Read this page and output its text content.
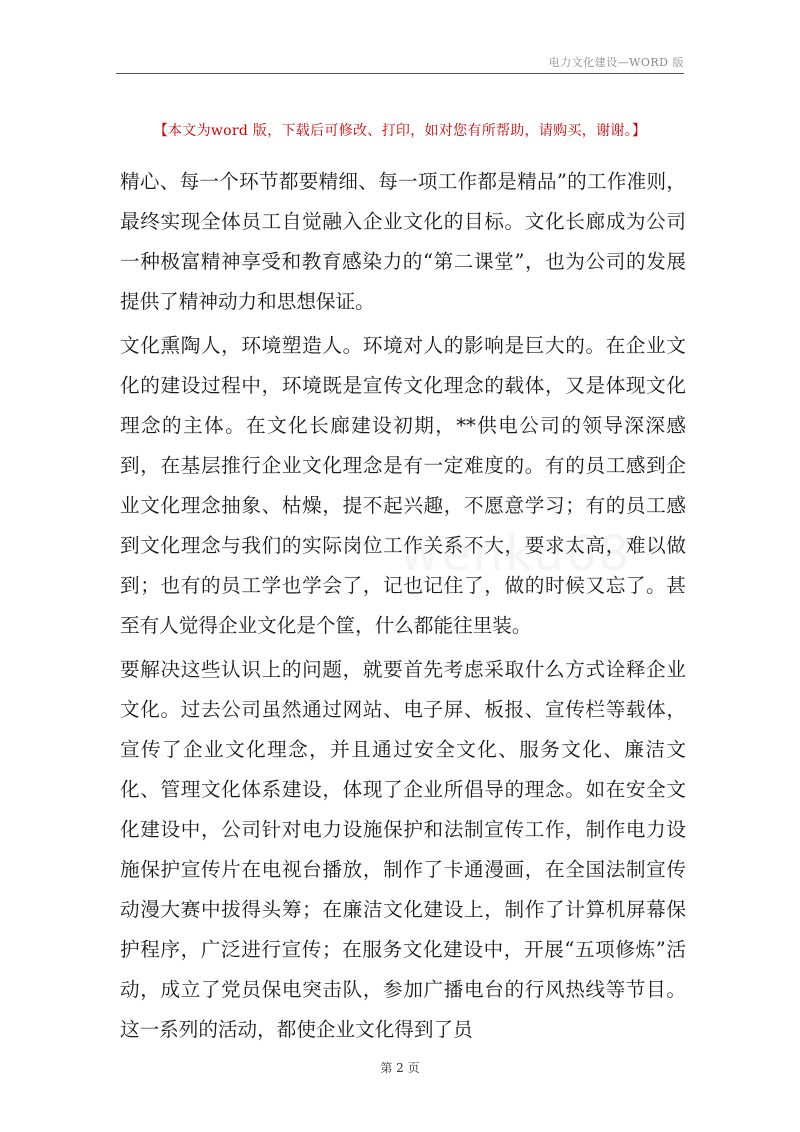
电力文化建设—WORD 版
【本文为word 版，下载后可修改、打印，如对您有所帮助，请购买，谢谢。】

精心、每一个环节都要精细、每一项工作都是精品”的工作准则，最终实现全体员工自觉融入企业文化的目标。文化长廊成为公司一种极富精神享受和教育感染力的“第二课堂”，也为公司的发展提供了精神动力和思想保证。

文化熏陶人，环境塑造人。环境对人的影响是巨大的。在企业文化的建设过程中，环境既是宣传文化理念的载体，又是体现文化理念的主体。在文化长廊建设初期，**供电公司的领导深深感到，在基层推行企业文化理念是有一定难度的。有的员工感到企业文化理念抽象、枯燥，提不起兴趣，不愿意学习；有的员工感到文化理念与我们的实际岗位工作关系不大，要求太高，难以做到；也有的员工学也学会了，记也记住了，做的时候又忘了。甚至有人觉得企业文化是个筐，什么都能往里装。

要解决这些认识上的问题，就要首先考虑采取什么方式诠释企业文化。过去公司虽然通过网站、电子屏、板报、宣传栏等载体，宣传了企业文化理念，并且通过安全文化、服务文化、廉洁文化、管理文化体系建设，体现了企业所倡导的理念。如在安全文化建设中，公司针对电力设施保护和法制宣传工作，制作电力设施保护宣传片在电视台播放，制作了卡通漫画，在全国法制宣传动漫大赛中拔得头筹；在廉洁文化建设上，制作了计算机屏幕保护程序，广泛进行宣传；在服务文化建设中，开展“五项修炼”活动，成立了党员保电突击队，参加广播电台的行风热线等节目。这一系列的活动，都使企业文化得到了员

第 2 页
